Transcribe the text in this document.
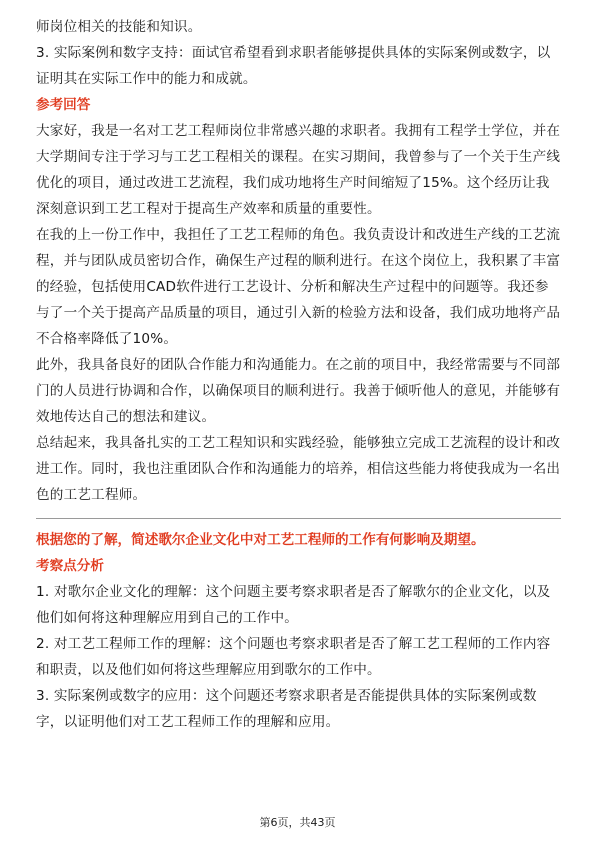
师岗位相关的技能和知识。

3. 实际案例和数字支持：面试官希望看到求职者能够提供具体的实际案例或数字，以证明其在实际工作中的能力和成就。

参考回答

大家好，我是一名对工艺工程师岗位非常感兴趣的求职者。我拥有工程学士学位，并在大学期间专注于学习与工艺工程相关的课程。在实习期间，我曾参与了一个关于生产线优化的项目，通过改进工艺流程，我们成功地将生产时间缩短了15%。这个经历让我深刻意识到工艺工程对于提高生产效率和质量的重要性。

在我的上一份工作中，我担任了工艺工程师的角色。我负责设计和改进生产线的工艺流程，并与团队成员密切合作，确保生产过程的顺利进行。在这个岗位上，我积累了丰富的经验，包括使用CAD软件进行工艺设计、分析和解决生产过程中的问题等。我还参与了一个关于提高产品质量的项目，通过引入新的检验方法和设备，我们成功地将产品不合格率降低了10%。

此外，我具备良好的团队合作能力和沟通能力。在之前的项目中，我经常需要与不同部门的人员进行协调和合作，以确保项目的顺利进行。我善于倾听他人的意见，并能够有效地传达自己的想法和建议。

总结起来，我具备扎实的工艺工程知识和实践经验，能够独立完成工艺流程的设计和改进工作。同时，我也注重团队合作和沟通能力的培养，相信这些能力将使我成为一名出色的工艺工程师。

根据您的了解，简述歌尔企业文化中对工艺工程师的工作有何影响及期望。
考察点分析

1. 对歌尔企业文化的理解：这个问题主要考察求职者是否了解歌尔的企业文化，以及他们如何将这种理解应用到自己的工作中。

2. 对工艺工程师工作的理解：这个问题也考察求职者是否了解工艺工程师的工作内容和职责，以及他们如何将这些理解应用到歌尔的工作中。

3. 实际案例或数字的应用：这个问题还考察求职者是否能提供具体的实际案例或数字，以证明他们对工艺工程师工作的理解和应用。

第6页，共43页
